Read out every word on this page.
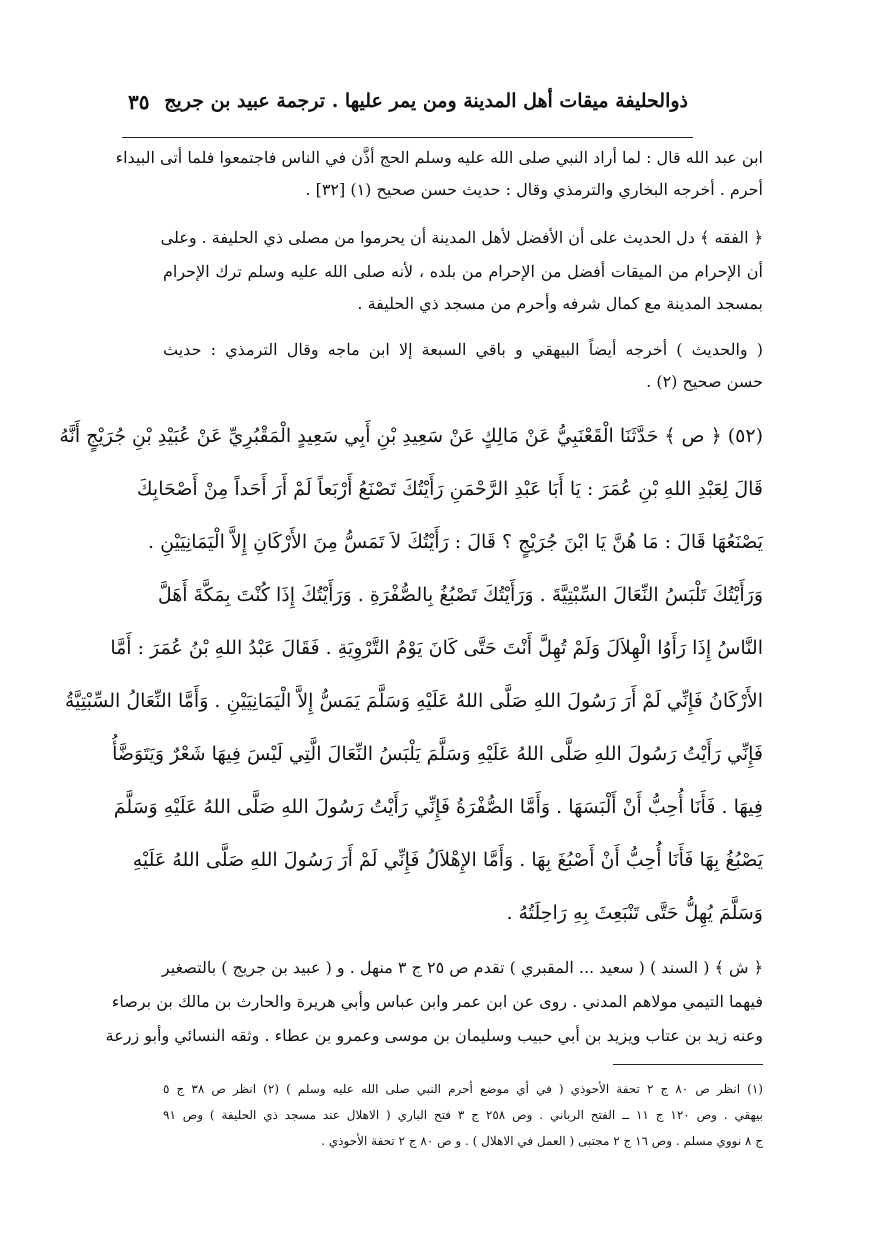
ذوالحليفة ميقات أهل المدينة ومن يمر عليها . ترجمة عبيد بن جريج
٣٥
ابن عبد الله قال : لما أراد النبي صلى الله عليه وسلم الحج أذَّن في الناس فاجتمعوا فلما أتى البيداء
أحرم . أخرجه البخاري والترمذي وقال : حديث حسن صحيح (١) [٣٢] .
﴿ الفقه ﴾ دل الحديث على أن الأفضل لأهل المدينة أن يحرموا من مصلى ذي الحليفة . وعلى
أن الإحرام من الميقات أفضل من الإحرام من بلده ، لأنه صلى الله عليه وسلم ترك الإحرام
بمسجد المدينة مع كمال شرفه وأحرم من مسجد ذي الحليفة .
( والحديث ) أخرجه أيضاً البيهقي و باقي السبعة إلا ابن ماجه وقال الترمذي : حديث
حسن صحيح (٢) .
(٥٢) ﴿ ص ﴾ حَدَّثَنَا الْقَعْنَبِيُّ عَنْ مَالِكٍ عَنْ سَعِيدِ بْنِ أَبِي سَعِيدٍ الْمَقْبُرِيِّ عَنْ عُبَيْدِ بْنِ جُرَيْجٍ أَنَّهُ
قَالَ لِعَبْدِ اللهِ بْنِ عُمَرَ : يَا أَبَا عَبْدِ الرَّحْمَنِ رَأَيْتُكَ تَصْنَعُ أَرْبَعاً لَمْ أَرَ أَحَداً مِنْ أَصْحَابِكَ
يَصْنَعُهَا قَالَ : مَا هُنَّ يَا ابْنَ جُرَيْجٍ ؟ قَالَ : رَأَيْتُكَ لاَ تَمَسُّ مِنَ الأَرْكَانِ إِلاَّ الْيَمَانِيَيْنِ .
وَرَأَيْتُكَ تَلْبَسُ النِّعَالَ السِّبْتِيَّةَ . وَرَأَيْتُكَ تَصْبُغُ بِالصُّفْرَةِ . وَرَأَيْتُكَ إِذَا كُنْتَ بِمَكَّةَ أَهَلَّ
النَّاسُ إِذَا رَأَوُا الْهِلاَلَ وَلَمْ تُهِلَّ أَنْتَ حَتَّى كَانَ يَوْمُ التَّرْوِيَةِ . فَقَالَ عَبْدُ اللهِ بْنُ عُمَرَ : أَمَّا
الأَرْكَانُ فَإِنِّي لَمْ أَرَ رَسُولَ اللهِ صَلَّى اللهُ عَلَيْهِ وَسَلَّمَ يَمَسُّ إِلاَّ الْيَمَانِيَيْنِ . وَأَمَّا النِّعَالُ السِّبْتِيَّةُ
فَإِنِّي رَأَيْتُ رَسُولَ اللهِ صَلَّى اللهُ عَلَيْهِ وَسَلَّمَ يَلْبَسُ النِّعَالَ الَّتِي لَيْسَ فِيهَا شَعْرٌ وَيَتَوَضَّأُ
فِيهَا . فَأَنَا أُحِبُّ أَنْ أَلْبَسَهَا . وَأَمَّا الصُّفْرَةُ فَإِنِّي رَأَيْتُ رَسُولَ اللهِ صَلَّى اللهُ عَلَيْهِ وَسَلَّمَ
يَصْبُغُ بِهَا فَأَنَا أُحِبُّ أَنْ أَصْبُغَ بِهَا . وَأَمَّا الإِهْلاَلُ فَإِنِّي لَمْ أَرَ رَسُولَ اللهِ صَلَّى اللهُ عَلَيْهِ
وَسَلَّمَ يُهِلُّ حَتَّى تَنْبَعِثَ بِهِ رَاحِلَتُهُ .
﴿ ش ﴾ ( السند ) ( سعيد ... المقبري ) تقدم ص ٢٥ ج ٣ منهل . و ( عبيد بن جريج ) بالتصغير
فيهما التيمي مولاهم المدني . روى عن ابن عمر وابن عباس وأبي هريرة والحارث بن مالك بن برصاء
وعنه زيد بن عتاب ويزيد بن أبي حبيب وسليمان بن موسى وعمرو بن عطاء . وثقه النسائي وأبو زرعة
(١) انظر ص ٨٠ ج ٢ تحفة الأحوذي ( في أي موضع أحرم النبي صلى الله عليه وسلم ) (٢) انظر ص ٣٨ ج ٥
بيهقي . وص ١٢٠ ج ١١ ــ الفتح الرباني . وص ٢٥٨ ج ٣ فتح الباري ( الاهلال عند مسجد ذي الحليفة ) وص ٩١
ج ٨ نووي مسلم . وص ١٦ ج ٢ مجتبى ( العمل في الاهلال ) . و ص ٨٠ ج ٢ تحفة الأحوذي .
